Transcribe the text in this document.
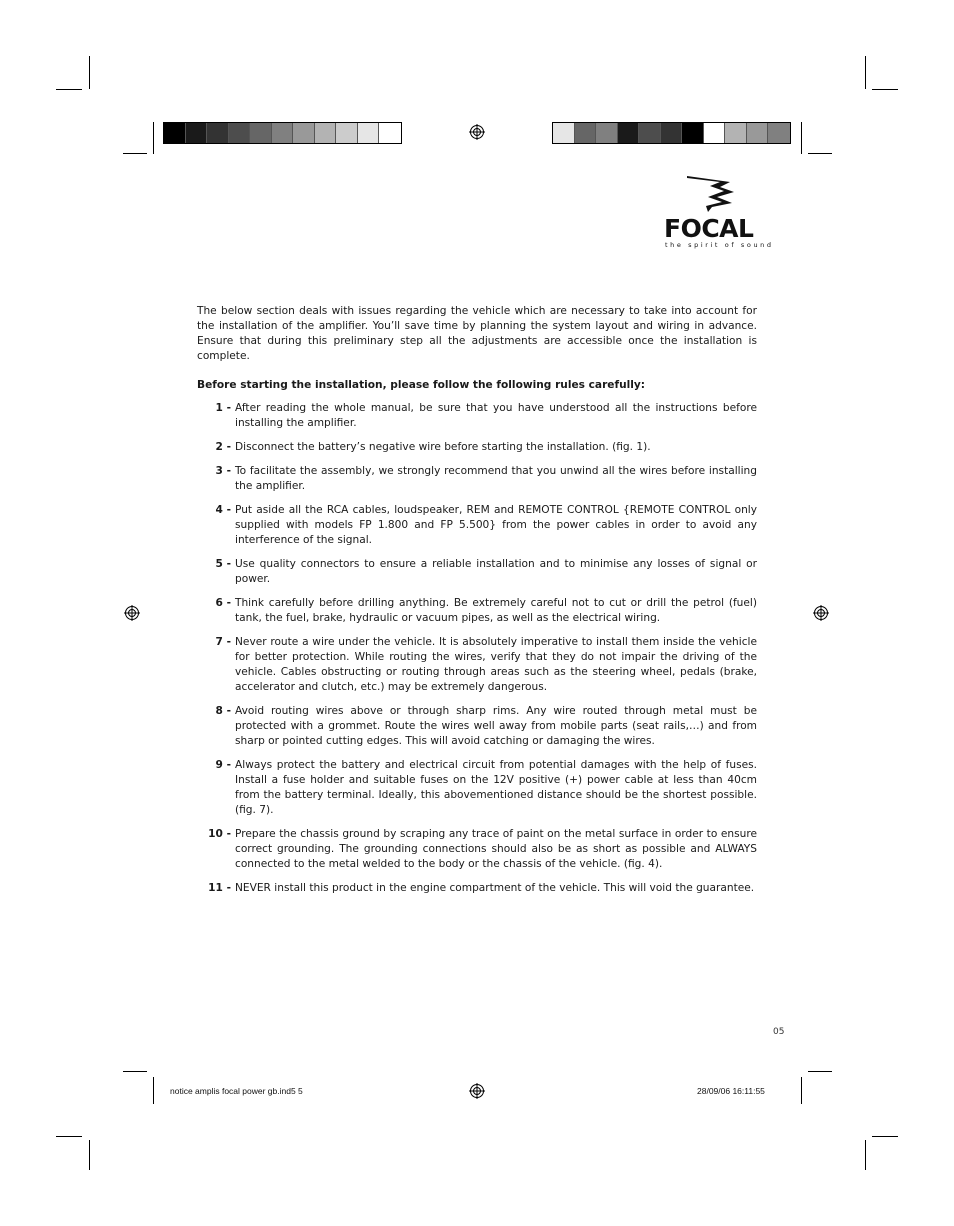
FOCAL
the spirit of sound

The below section deals with issues regarding the vehicle which are necessary to take into account for the installation of the amplifier. You’ll save time by planning the system layout and wiring in advance. Ensure that during this preliminary step all the adjustments are accessible once the installation is complete.

Before starting the installation, please follow the following rules carefully:

1 - After reading the whole manual, be sure that you have understood all the instructions before installing the amplifier.
2 - Disconnect the battery’s negative wire before starting the installation. (fig. 1).
3 - To facilitate the assembly, we strongly recommend that you unwind all the wires before installing the amplifier.
4 - Put aside all the RCA cables, loudspeaker, REM and REMOTE CONTROL {REMOTE CONTROL only supplied with models FP 1.800 and FP 5.500} from the power cables in order to avoid any interference of the signal.
5 - Use quality connectors to ensure a reliable installation and to minimise any losses of signal or power.
6 - Think carefully before drilling anything. Be extremely careful not to cut or drill the petrol (fuel) tank, the fuel, brake, hydraulic or vacuum pipes, as well as the electrical wiring.
7 - Never route a wire under the vehicle. It is absolutely imperative to install them inside the vehicle for better protection. While routing the wires, verify that they do not impair the driving of the vehicle. Cables obstructing or routing through areas such as the steering wheel, pedals (brake, accelerator and clutch, etc.) may be extremely dangerous.
8 - Avoid routing wires above or through sharp rims. Any wire routed through metal must be protected with a grommet. Route the wires well away from mobile parts (seat rails,…) and from sharp or pointed cutting edges. This will avoid catching or damaging the wires.
9 - Always protect the battery and electrical circuit from potential damages with the help of fuses. Install a fuse holder and suitable fuses on the 12V positive (+) power cable at less than 40cm from the battery terminal. Ideally, this abovementioned distance should be the shortest possible. (fig. 7).
10 - Prepare the chassis ground by scraping any trace of paint on the metal surface in order to ensure correct grounding. The grounding connections should also be as short as possible and ALWAYS connected to the metal welded to the body or the chassis of the vehicle. (fig. 4).
11 - NEVER install this product in the engine compartment of the vehicle. This will void the guarantee.
05
notice amplis focal power gb.ind5 5	28/09/06 16:11:55
